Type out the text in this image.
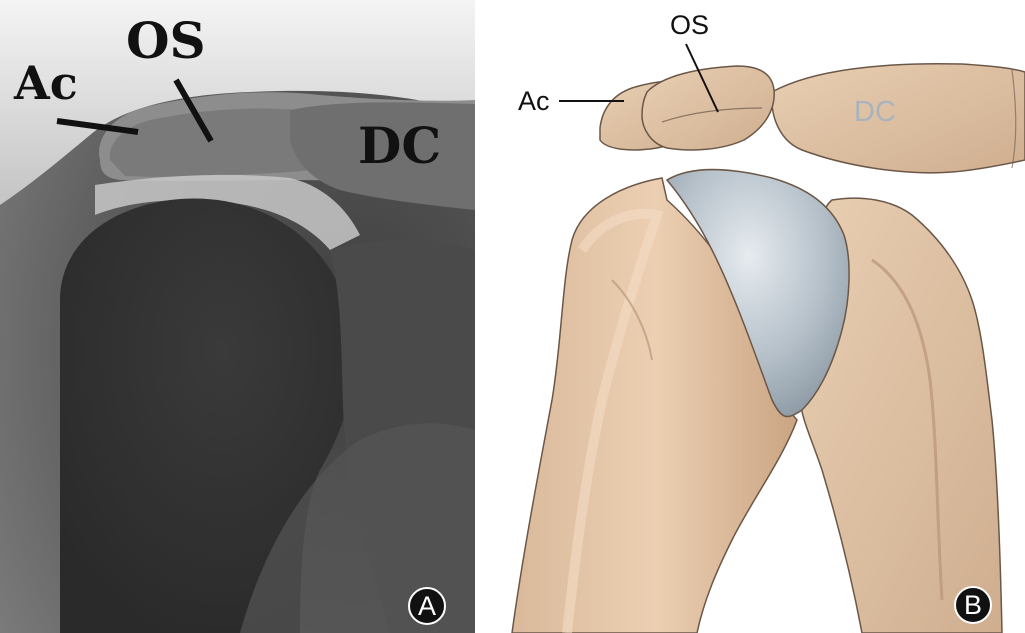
OS
Ac
DC
A
OS
Ac	DC
B
